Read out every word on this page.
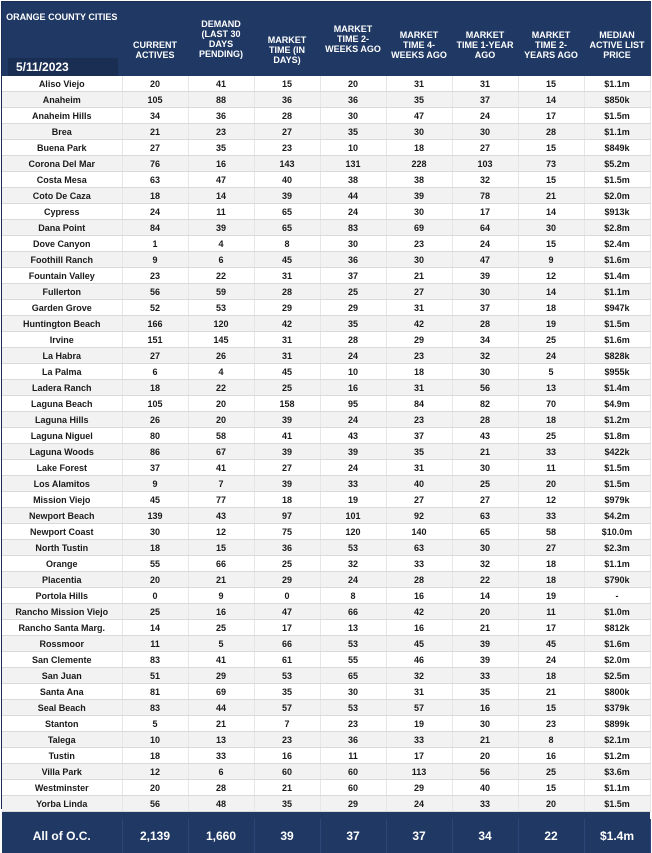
ORANGE COUNTY CITIES
5/11/2023	CURRENT ACTIVES	DEMAND (LAST 30 DAYS PENDING)	MARKET TIME (IN DAYS)	MARKET TIME 2-WEEKS AGO	MARKET TIME 4-WEEKS AGO	MARKET TIME 1-YEAR AGO	MARKET TIME 2-YEARS AGO	MEDIAN ACTIVE LIST PRICE
Aliso Viejo	20	41	15	20	31	31	15	$1.1m
Anaheim	105	88	36	36	35	37	14	$850k
Anaheim Hills	34	36	28	30	47	24	17	$1.5m
Brea	21	23	27	35	30	30	28	$1.1m
Buena Park	27	35	23	10	18	27	15	$849k
Corona Del Mar	76	16	143	131	228	103	73	$5.2m
Costa Mesa	63	47	40	38	38	32	15	$1.5m
Coto De Caza	18	14	39	44	39	78	21	$2.0m
Cypress	24	11	65	24	30	17	14	$913k
Dana Point	84	39	65	83	69	64	30	$2.8m
Dove Canyon	1	4	8	30	23	24	15	$2.4m
Foothill Ranch	9	6	45	36	30	47	9	$1.6m
Fountain Valley	23	22	31	37	21	39	12	$1.4m
Fullerton	56	59	28	25	27	30	14	$1.1m
Garden Grove	52	53	29	29	31	37	18	$947k
Huntington Beach	166	120	42	35	42	28	19	$1.5m
Irvine	151	145	31	28	29	34	25	$1.6m
La Habra	27	26	31	24	23	32	24	$828k
La Palma	6	4	45	10	18	30	5	$955k
Ladera Ranch	18	22	25	16	31	56	13	$1.4m
Laguna Beach	105	20	158	95	84	82	70	$4.9m
Laguna Hills	26	20	39	24	23	28	18	$1.2m
Laguna Niguel	80	58	41	43	37	43	25	$1.8m
Laguna Woods	86	67	39	39	35	21	33	$422k
Lake Forest	37	41	27	24	31	30	11	$1.5m
Los Alamitos	9	7	39	33	40	25	20	$1.5m
Mission Viejo	45	77	18	19	27	27	12	$979k
Newport Beach	139	43	97	101	92	63	33	$4.2m
Newport Coast	30	12	75	120	140	65	58	$10.0m
North Tustin	18	15	36	53	63	30	27	$2.3m
Orange	55	66	25	32	33	32	18	$1.1m
Placentia	20	21	29	24	28	22	18	$790k
Portola Hills	0	9	0	8	16	14	19	-
Rancho Mission Viejo	25	16	47	66	42	20	11	$1.0m
Rancho Santa Marg.	14	25	17	13	16	21	17	$812k
Rossmoor	11	5	66	53	45	39	45	$1.6m
San Clemente	83	41	61	55	46	39	24	$2.0m
San Juan	51	29	53	65	32	33	18	$2.5m
Santa Ana	81	69	35	30	31	35	21	$800k
Seal Beach	83	44	57	53	57	16	15	$379k
Stanton	5	21	7	23	19	30	23	$899k
Talega	10	13	23	36	33	21	8	$2.1m
Tustin	18	33	16	11	17	20	16	$1.2m
Villa Park	12	6	60	60	113	56	25	$3.6m
Westminster	20	28	21	60	29	40	15	$1.1m
Yorba Linda	56	48	35	29	24	33	20	$1.5m

All of O.C.	2,139	1,660	39	37	37	34	22	$1.4m
